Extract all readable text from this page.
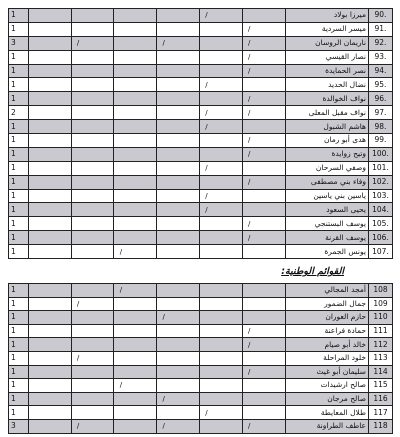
1					/		ميرزا بولاد	90.
1						/	ميسر السردية	91.
3		/		/		/	ناريمان الروسان	92.
1						/	نصار القيسي	93.
1						/	نصر الحمايدة	94.
1					/		نضال الحديد	95.
1						/	نواف الخوالدة	96.
2					/	/	نواف مقبل المعلى	97.
1					/		هاشم الشبول	98.
1						/	هدى أبو رمان	99.
1						/	وتيح زوايدة	100.
1					/		وصفي السرحان	101.
1						/	وفاء بني مصطفى	102.
1					/		ياسين بني ياسين	103.
1					/		يحيى السعود	104.
1						/	يوسف البستنجي	105.
1						/	يوسف القرنة	106.
1			/				يونس الجمرة	107.
القوائم الوطنية:
1			/				أمجد المجالي	108
1		/					جمال الضمور	109
1				/			حازم العوران	110
1						/	حمادة فراعنة	111
1						/	خالد أبو صيام	112
1		/					خلود المراحلة	113
1						/	سليمان أبو غيث	114
1			/				صالح ارشيدات	115
1				/			صالح مرجان	116
1					/		طلال المعايطة	117
3		/		/		/	عاطف الطراونة	118
